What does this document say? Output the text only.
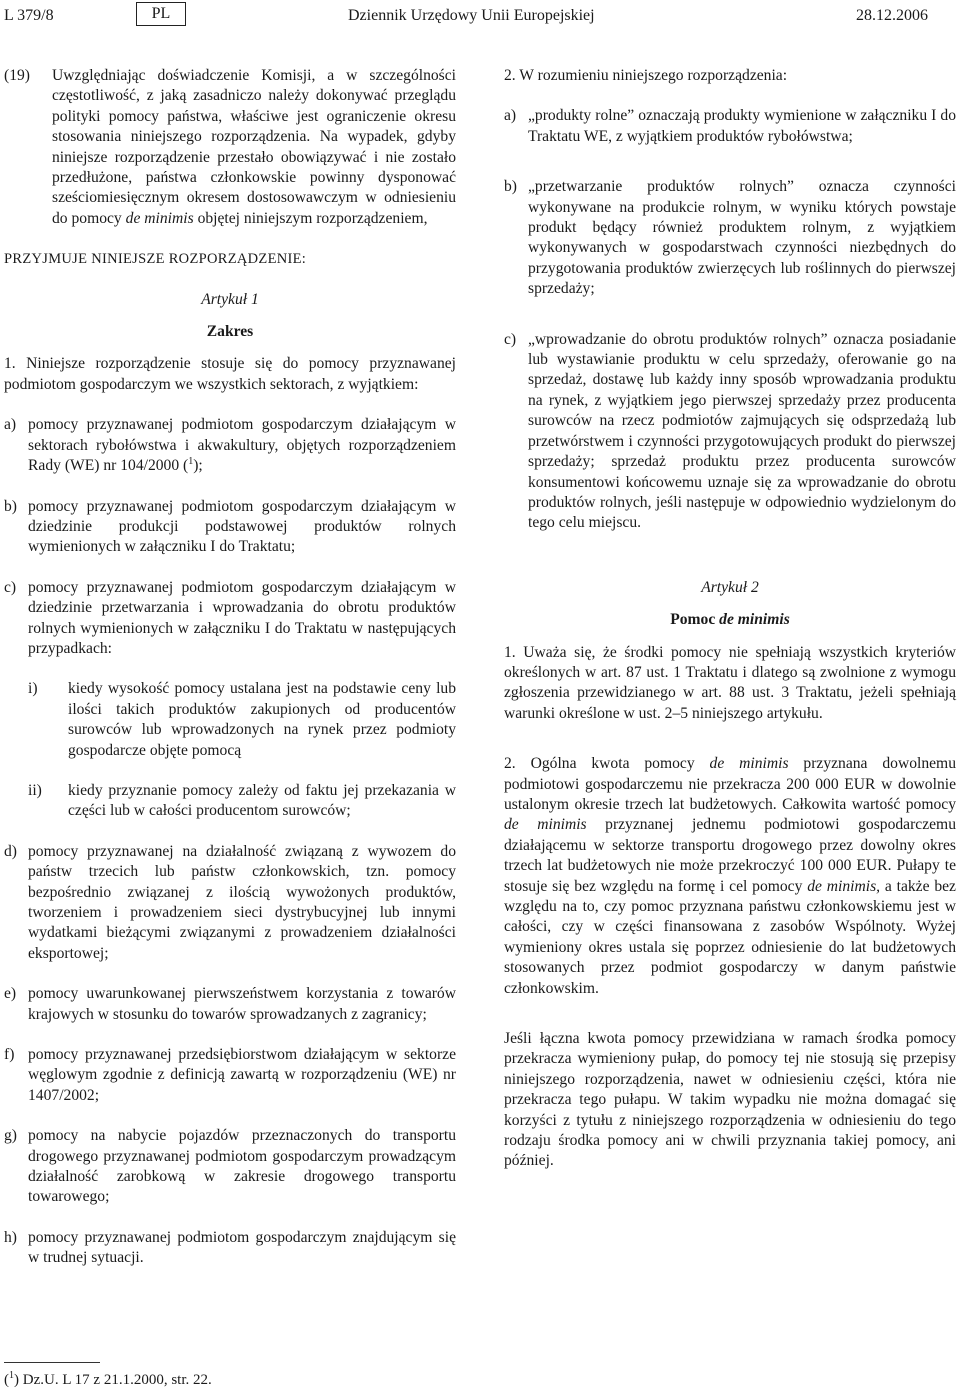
L 379/8	PL	Dziennik Urzędowy Unii Europejskiej	28.12.2006

(19) Uwzględniając doświadczenie Komisji, a w szczególności częstotliwość, z jaką zasadniczo należy dokonywać przeglądu polityki pomocy państwa, właściwe jest ograniczenie okresu stosowania niniejszego rozporządzenia. Na wypadek, gdyby niniejsze rozporządzenie przestało obowiązywać i nie zostało przedłużone, państwa członkowskie powinny dysponować sześciomiesięcznym okresem dostosowawczym w odniesieniu do pomocy de minimis objętej niniejszym rozporządzeniem,

PRZYJMUJE NINIEJSZE ROZPORZĄDZENIE:

Artykuł 1

Zakres

1. Niniejsze rozporządzenie stosuje się do pomocy przyznawanej podmiotom gospodarczym we wszystkich sektorach, z wyjątkiem:

a) pomocy przyznawanej podmiotom gospodarczym działającym w sektorach rybołówstwa i akwakultury, objętych rozporządzeniem Rady (WE) nr 104/2000 ($^1$);

b) pomocy przyznawanej podmiotom gospodarczym działającym w dziedzinie produkcji podstawowej produktów rolnych wymienionych w załączniku I do Traktatu;

c) pomocy przyznawanej podmiotom gospodarczym działającym w dziedzinie przetwarzania i wprowadzania do obrotu produktów rolnych wymienionych w załączniku I do Traktatu w następujących przypadkach:

i) kiedy wysokość pomocy ustalana jest na podstawie ceny lub ilości takich produktów zakupionych od producentów surowców lub wprowadzonych na rynek przez podmioty gospodarcze objęte pomocą

ii) kiedy przyznanie pomocy zależy od faktu jej przekazania w części lub w całości producentom surowców;

d) pomocy przyznawanej na działalność związaną z wywozem do państw trzecich lub państw członkowskich, tzn. pomocy bezpośrednio związanej z ilością wywożonych produktów, tworzeniem i prowadzeniem sieci dystrybucyjnej lub innymi wydatkami bieżącymi związanymi z prowadzeniem działalności eksportowej;

e) pomocy uwarunkowanej pierwszeństwem korzystania z towarów krajowych w stosunku do towarów sprowadzanych z zagranicy;

f) pomocy przyznawanej przedsiębiorstwom działającym w sektorze węglowym zgodnie z definicją zawartą w rozporządzeniu (WE) nr 1407/2002;

g) pomocy na nabycie pojazdów przeznaczonych do transportu drogowego przyznawanej podmiotom gospodarczym prowadzącym działalność zarobkową w zakresie drogowego transportu towarowego;

h) pomocy przyznawanej podmiotom gospodarczym znajdującym się w trudnej sytuacji.

2. W rozumieniu niniejszego rozporządzenia:

a) „produkty rolne” oznaczają produkty wymienione w załączniku I do Traktatu WE, z wyjątkiem produktów rybołówstwa;

b) „przetwarzanie produktów rolnych” oznacza czynności wykonywane na produkcie rolnym, w wyniku których powstaje produkt będący również produktem rolnym, z wyjątkiem wykonywanych w gospodarstwach czynności niezbędnych do przygotowania produktów zwierzęcych lub roślinnych do pierwszej sprzedaży;

c) „wprowadzanie do obrotu produktów rolnych” oznacza posiadanie lub wystawianie produktu w celu sprzedaży, oferowanie go na sprzedaż, dostawę lub każdy inny sposób wprowadzania produktu na rynek, z wyjątkiem jego pierwszej sprzedaży przez producenta surowców na rzecz podmiotów zajmujących się odsprzedażą lub przetwórstwem i czynności przygotowujących produkt do pierwszej sprzedaży; sprzedaż produktu przez producenta surowców konsumentowi końcowemu uznaje się za wprowadzanie do obrotu produktów rolnych, jeśli następuje w odpowiednio wydzielonym do tego celu miejscu.

Artykuł 2

Pomoc de minimis

1. Uważa się, że środki pomocy nie spełniają wszystkich kryteriów określonych w art. 87 ust. 1 Traktatu i dlatego są zwolnione z wymogu zgłoszenia przewidzianego w art. 88 ust. 3 Traktatu, jeżeli spełniają warunki określone w ust. 2–5 niniejszego artykułu.

2. Ogólna kwota pomocy de minimis przyznana dowolnemu podmiotowi gospodarczemu nie przekracza 200 000 EUR w dowolnie ustalonym okresie trzech lat budżetowych. Całkowita wartość pomocy de minimis przyznanej jednemu podmiotowi gospodarczemu działającemu w sektorze transportu drogowego przez dowolny okres trzech lat budżetowych nie może przekroczyć 100 000 EUR. Pułapy te stosuje się bez względu na formę i cel pomocy de minimis, a także bez względu na to, czy pomoc przyznana państwu członkowskiemu jest w całości, czy w części finansowana z zasobów Wspólnoty. Wyżej wymieniony okres ustala się poprzez odniesienie do lat budżetowych stosowanych przez podmiot gospodarczy w danym państwie członkowskim.

Jeśli łączna kwota pomocy przewidziana w ramach środka pomocy przekracza wymieniony pułap, do pomocy tej nie stosują się przepisy niniejszego rozporządzenia, nawet w odniesieniu części, która nie przekracza tego pułapu. W takim wypadku nie można domagać się korzyści z tytułu z niniejszego rozporządzenia w odniesieniu do tego rodzaju środka pomocy ani w chwili przyznania takiej pomocy, ani później.

($^1$) Dz.U. L 17 z 21.1.2000, str. 22.
